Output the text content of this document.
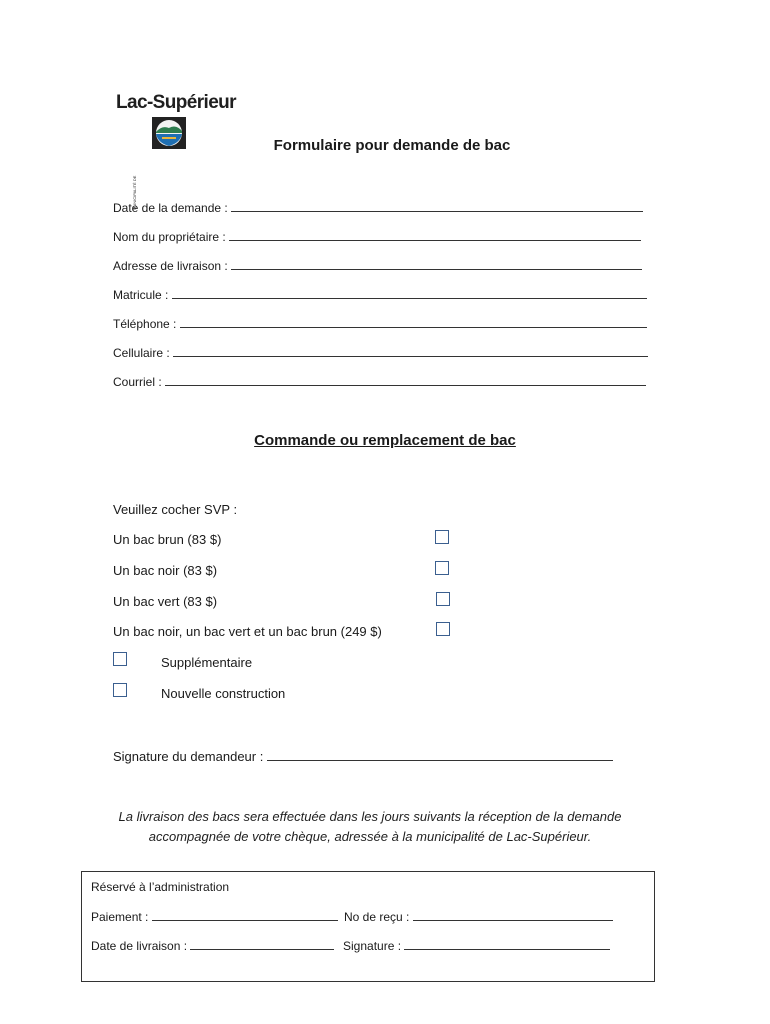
Lac-Supérieur
MUNICIPALITÉ DE
Formulaire pour demande de bac
Date de la demande :
Nom du propriétaire :
Adresse de livraison :
Matricule :
Téléphone :
Cellulaire :
Courriel :
Commande ou remplacement de bac
Veuillez cocher SVP :
Un bac brun (83 $)
Un bac noir (83 $)
Un bac vert (83 $)
Un bac noir, un bac vert et un bac brun (249 $)
Supplémentaire
Nouvelle construction
Signature du demandeur :
La livraison des bacs sera effectuée dans les jours suivants la réception de la demande
accompagnée de votre chèque, adressée à la municipalité de Lac-Supérieur.
Réservé à l’administration
Paiement :	No de reçu :
Date de livraison :	Signature :
